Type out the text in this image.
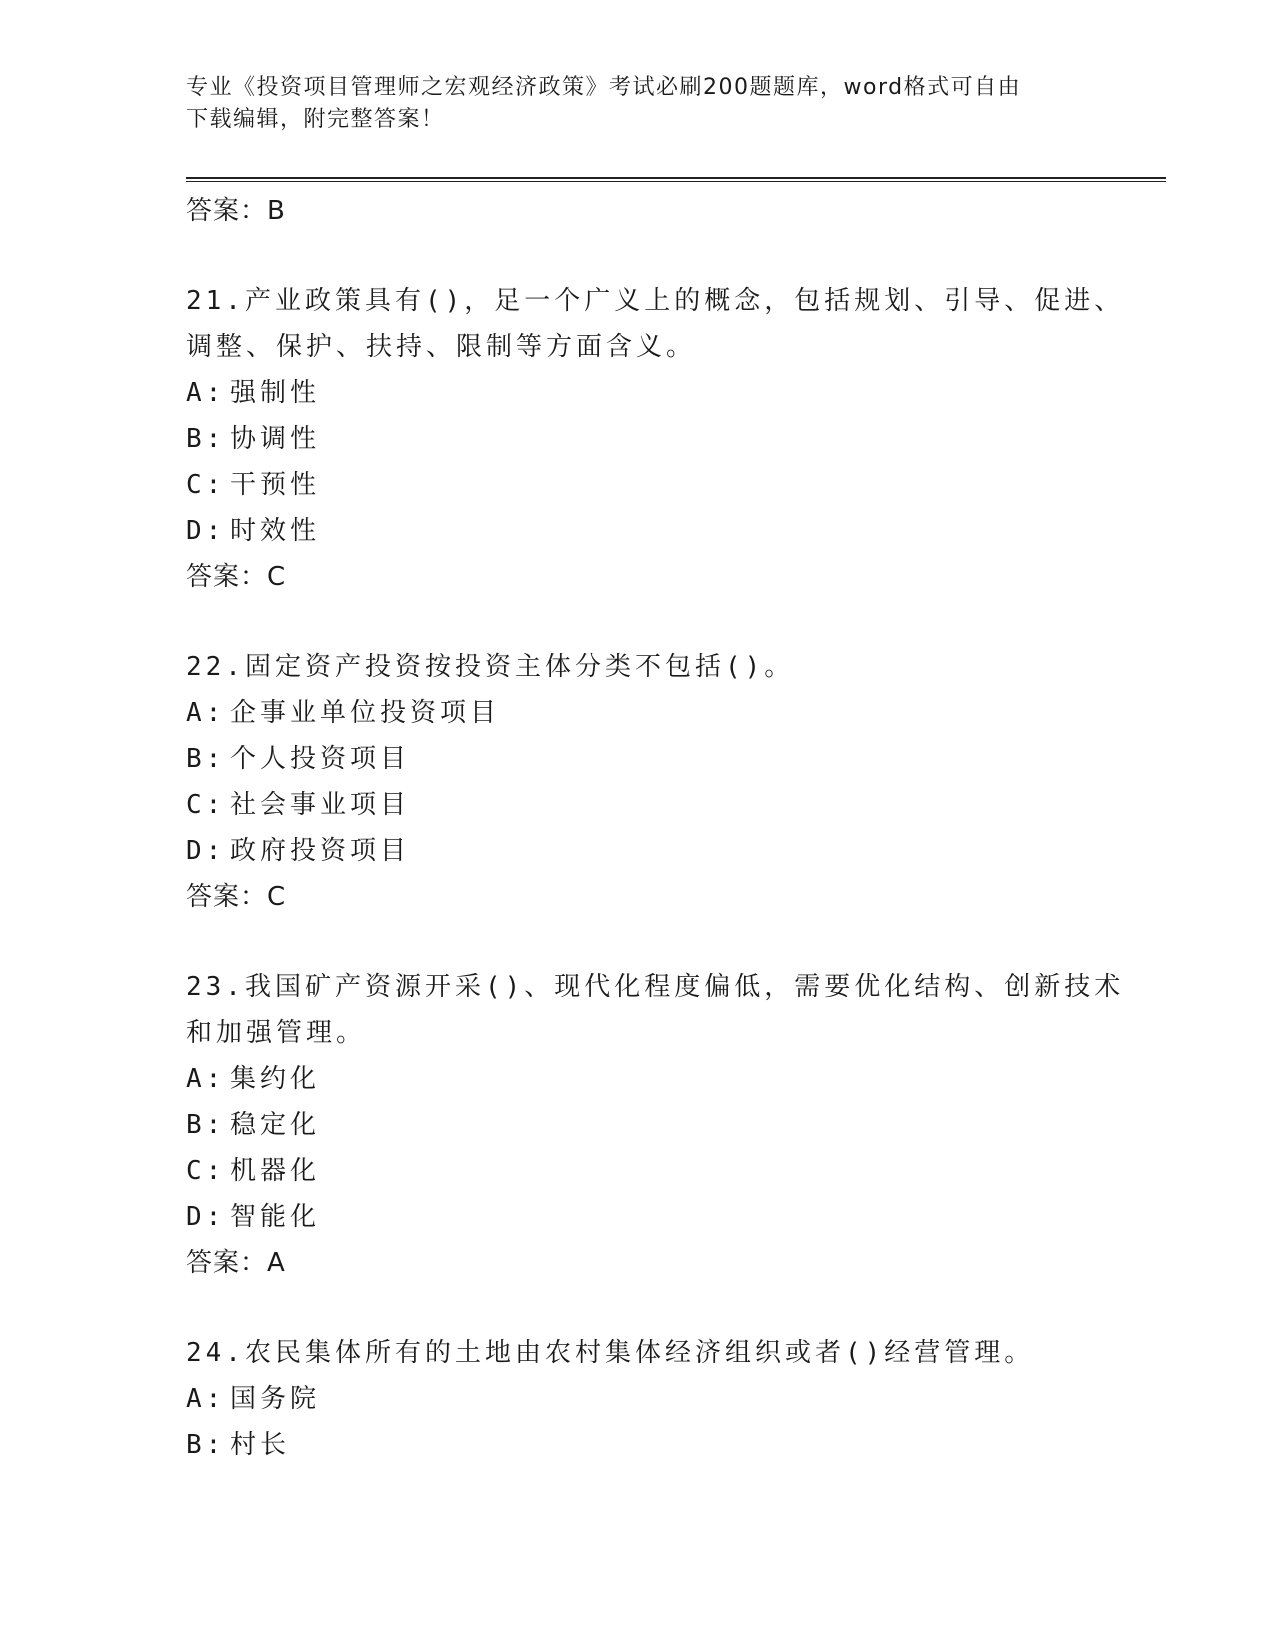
专业《投资项目管理师之宏观经济政策》考试必刷200题题库，word格式可自由
下载编辑，附完整答案！
答案：B
21.产业政策具有()，足一个广义上的概念，包括规划、引导、促进、
调整、保护、扶持、限制等方面含义。
A: 强制性
B: 协调性
C: 干预性
D: 时效性
答案：C
22.固定资产投资按投资主体分类不包括()。
A: 企事业单位投资项目
B: 个人投资项目
C: 社会事业项目
D: 政府投资项目
答案：C
23.我国矿产资源开采()、现代化程度偏低，需要优化结构、创新技术
和加强管理。
A: 集约化
B: 稳定化
C: 机器化
D: 智能化
答案：A
24.农民集体所有的土地由农村集体经济组织或者()经营管理。
A: 国务院
B: 村长
